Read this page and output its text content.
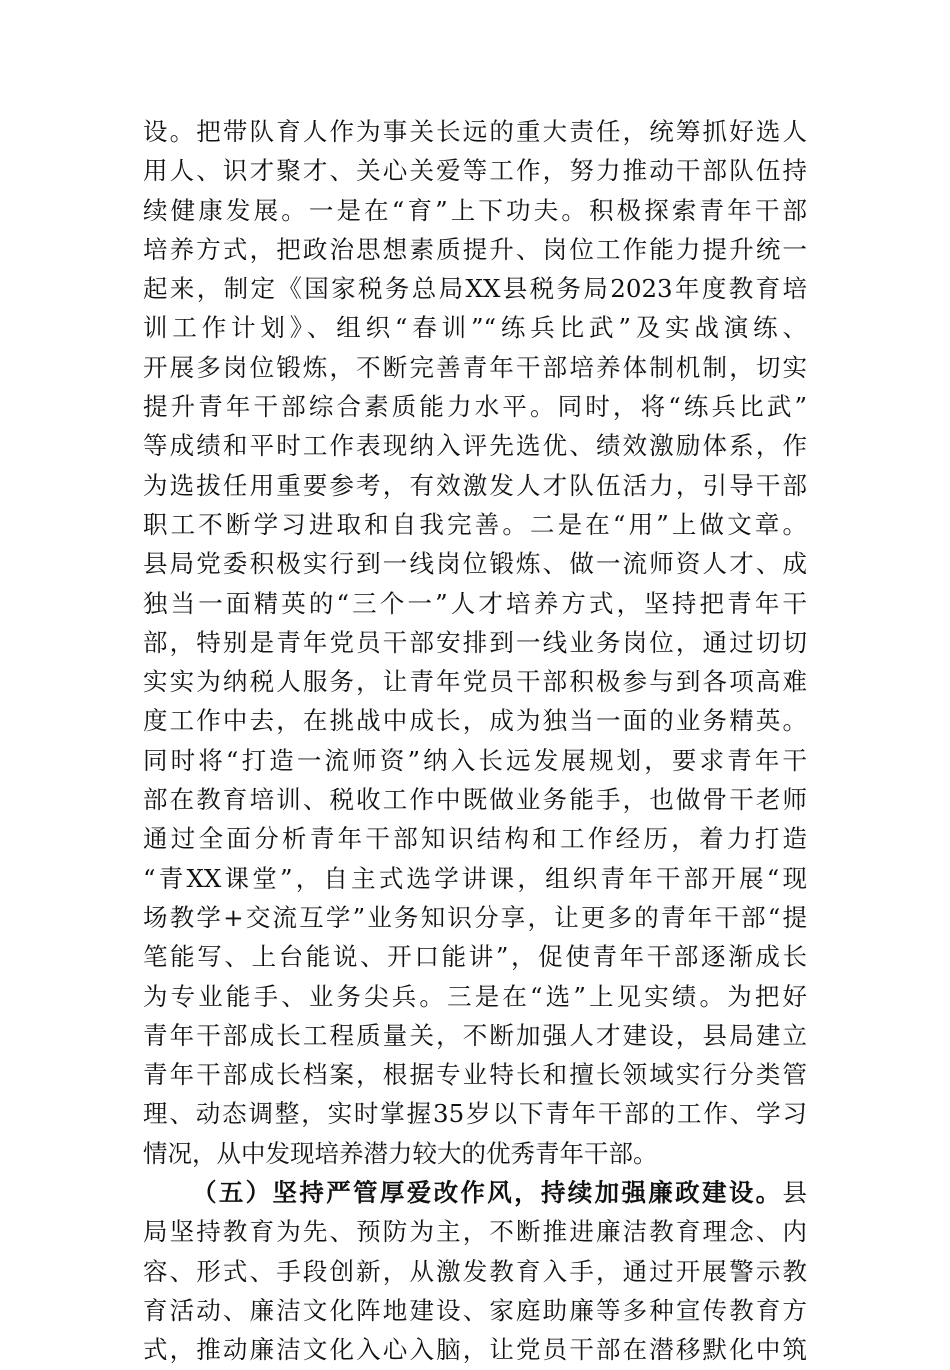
设。把带队育人作为事关长远的重大责任，统筹抓好选人
用人、识才聚才、关心关爱等工作，努力推动干部队伍持
续健康发展。一是在“育”上下功夫。积极探索青年干部
培养方式，把政治思想素质提升、岗位工作能力提升统一
起来，制定《国家税务总局XX县税务局2023年度教育培
训工作计划》、组织“春训”“练兵比武”及实战演练、
开展多岗位锻炼，不断完善青年干部培养体制机制，切实
提升青年干部综合素质能力水平。同时，将“练兵比武”
等成绩和平时工作表现纳入评先选优、绩效激励体系，作
为选拔任用重要参考，有效激发人才队伍活力，引导干部
职工不断学习进取和自我完善。二是在“用”上做文章。
县局党委积极实行到一线岗位锻炼、做一流师资人才、成
独当一面精英的“三个一”人才培养方式，坚持把青年干
部，特别是青年党员干部安排到一线业务岗位，通过切切
实实为纳税人服务，让青年党员干部积极参与到各项高难
度工作中去，在挑战中成长，成为独当一面的业务精英。
同时将“打造一流师资”纳入长远发展规划，要求青年干
部在教育培训、税收工作中既做业务能手，也做骨干老师
通过全面分析青年干部知识结构和工作经历，着力打造
“青XX课堂”，自主式选学讲课，组织青年干部开展“现
场教学+交流互学”业务知识分享，让更多的青年干部“提
笔能写、上台能说、开口能讲”，促使青年干部逐渐成长
为专业能手、业务尖兵。三是在“选”上见实绩。为把好
青年干部成长工程质量关，不断加强人才建设，县局建立
青年干部成长档案，根据专业特长和擅长领域实行分类管
理、动态调整，实时掌握35岁以下青年干部的工作、学习
情况，从中发现培养潜力较大的优秀青年干部。
（五）坚持严管厚爱改作风，持续加强廉政建设。县
局坚持教育为先、预防为主，不断推进廉洁教育理念、内
容、形式、手段创新，从激发教育入手，通过开展警示教
育活动、廉洁文化阵地建设、家庭助廉等多种宣传教育方
式，推动廉洁文化入心入脑，让党员干部在潜移默化中筑
